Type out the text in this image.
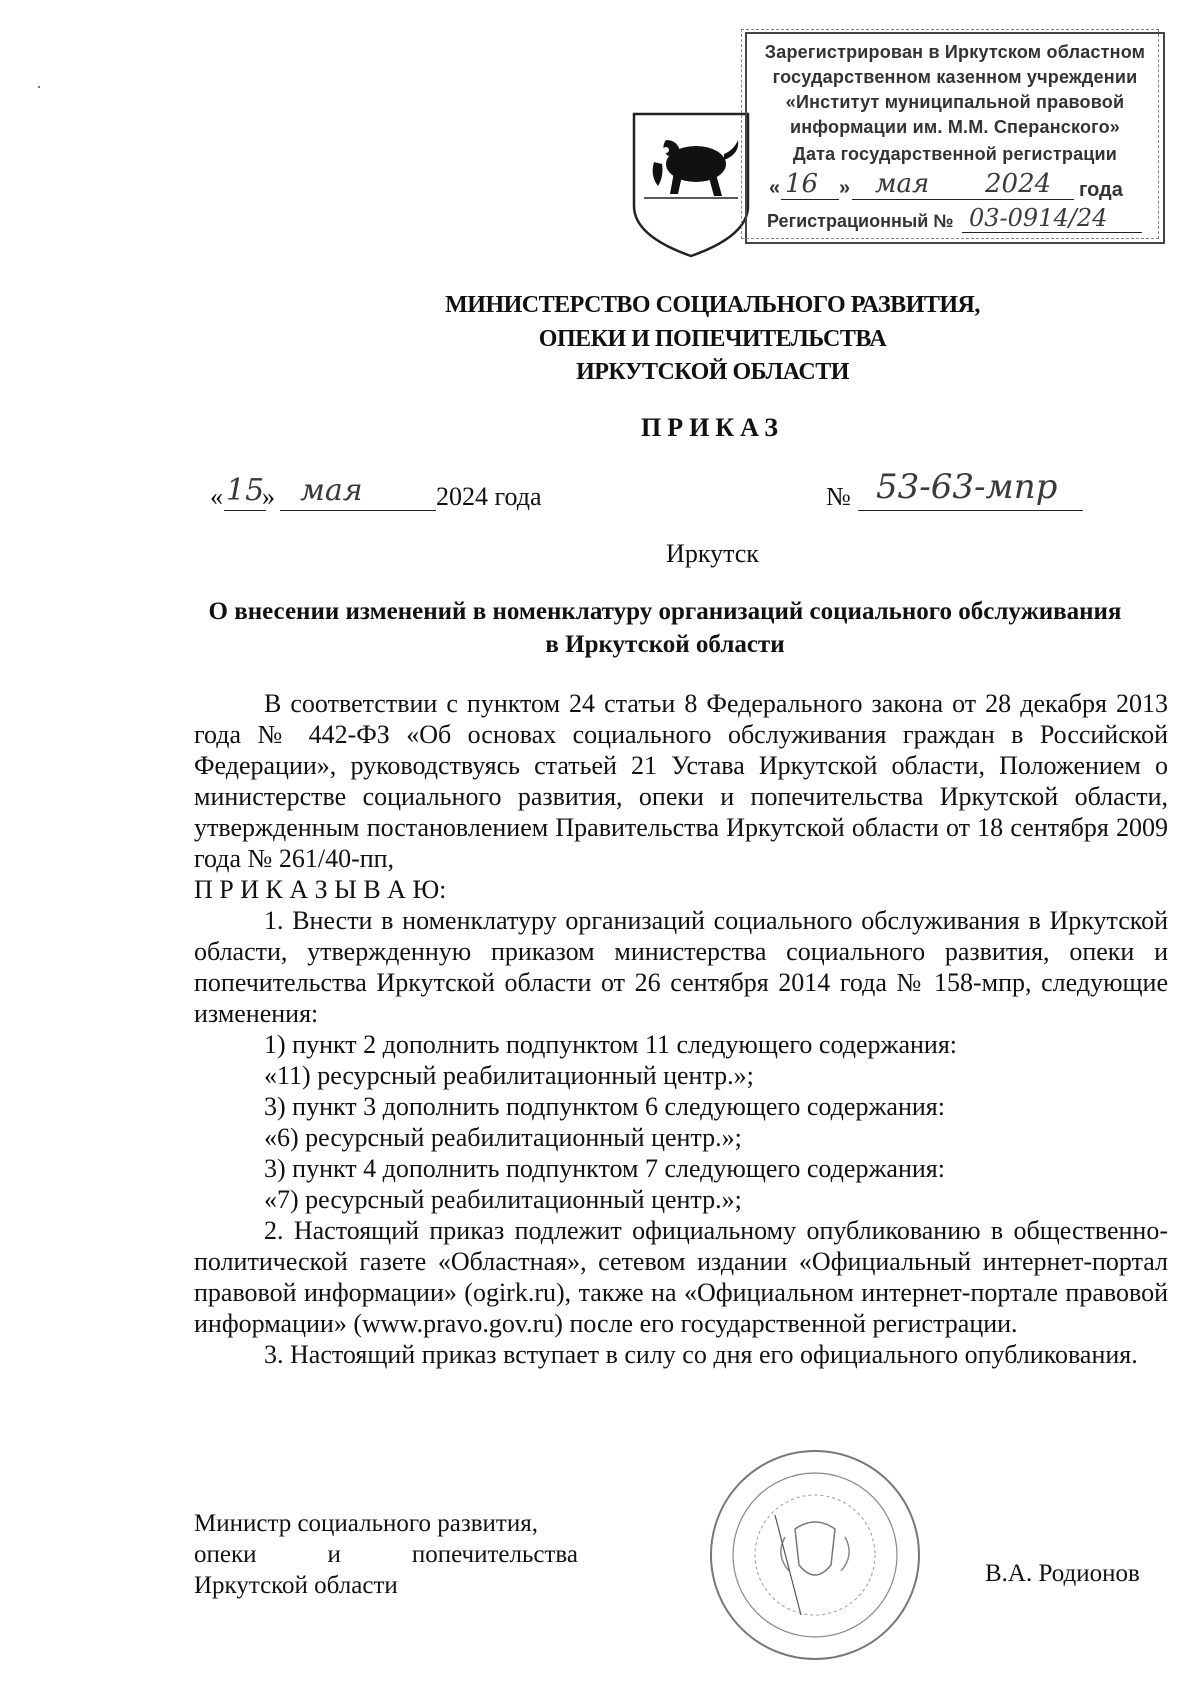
Зарегистрирован в Иркутском областном
государственном казенном учреждении
«Институт муниципальной правовой
информации им. М.М. Сперанского»
Дата государственной регистрации
« 16 » мая 2024 года
Регистрационный № 03-0914/24
МИНИСТЕРСТВО СОЦИАЛЬНОГО РАЗВИТИЯ,
ОПЕКИ И ПОПЕЧИТЕЛЬСТВА
ИРКУТСКОЙ ОБЛАСТИ
ПРИКАЗ
« 15
» мая	2024 года	№ 53-63-мпр
Иркутск
О внесении изменений в номенклатуру организаций социального обслуживания
в Иркутской области

В соответствии с пунктом 24 статьи 8 Федерального закона от 28 декабря 2013 года № 442-ФЗ «Об основах социального обслуживания граждан в Российской Федерации», руководствуясь статьей 21 Устава Иркутской области, Положением о министерстве социального развития, опеки и попечительства Иркутской области, утвержденным постановлением Правительства Иркутской области от 18 сентября 2009 года № 261/40-пп,

П Р И К А З Ы В А Ю:

1. Внести в номенклатуру организаций социального обслуживания в Иркутской области, утвержденную приказом министерства социального развития, опеки и попечительства Иркутской области от 26 сентября 2014 года № 158-мпр, следующие изменения:

1) пункт 2 дополнить подпунктом 11 следующего содержания:

«11) ресурсный реабилитационный центр.»;

3) пункт 3 дополнить подпунктом 6 следующего содержания:

«6) ресурсный реабилитационный центр.»;

3) пункт 4 дополнить подпунктом 7 следующего содержания:

«7) ресурсный реабилитационный центр.»;

2. Настоящий приказ подлежит официальному опубликованию в общественно-политической газете «Областная», сетевом издании «Официальный интернет-портал правовой информации» (ogirk.ru), также на «Официальном интернет-портале правовой информации» (www.pravo.gov.ru) после его государственной регистрации.

3. Настоящий приказ вступает в силу со дня его официального опубликования.

Министр социального развития,
опеки и попечительства
Иркутской области	В.А. Родионов
